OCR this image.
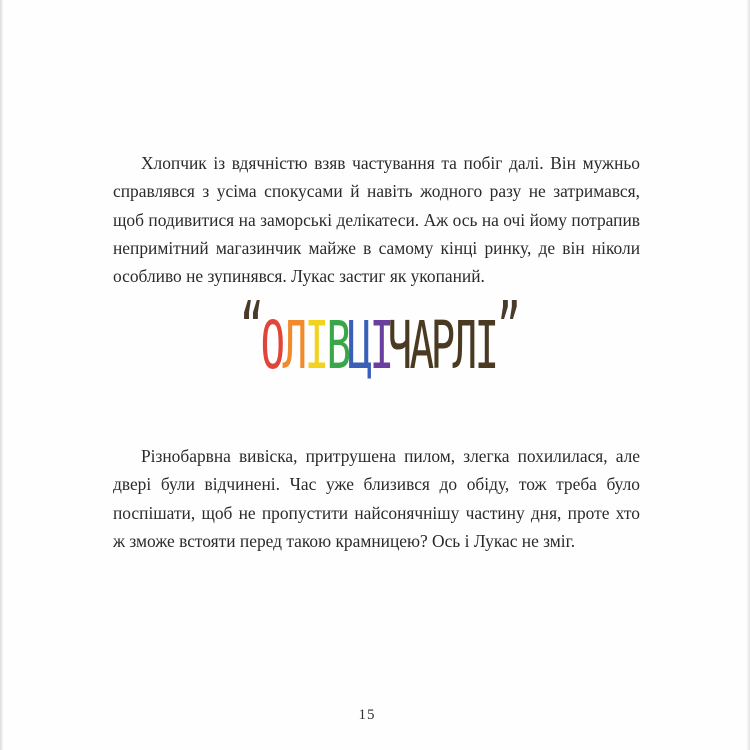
Хлопчик із вдячністю взяв частування та побіг далі. Він мужньо справлявся з усіма спокусами й навіть жодного разу не затримався, щоб подивитися на заморські делікатеси. Аж ось на очі йому потрапив непримітний магазинчик майже в самому кінці ринку, де він ніколи особливо не зупинявся. Лукас застиг як укопаний.

“
О
Л
І
В
Ц
І
Ч
А
Р
Л
І
”

Різнобарвна вивіска, притрушена пилом, злегка похилилася, але двері були відчинені. Час уже близився до обіду, тож треба було поспішати, щоб не пропустити найсонячнішу частину дня, проте хто ж зможе встояти перед такою крамницею? Ось і Лукас не зміг.

15
